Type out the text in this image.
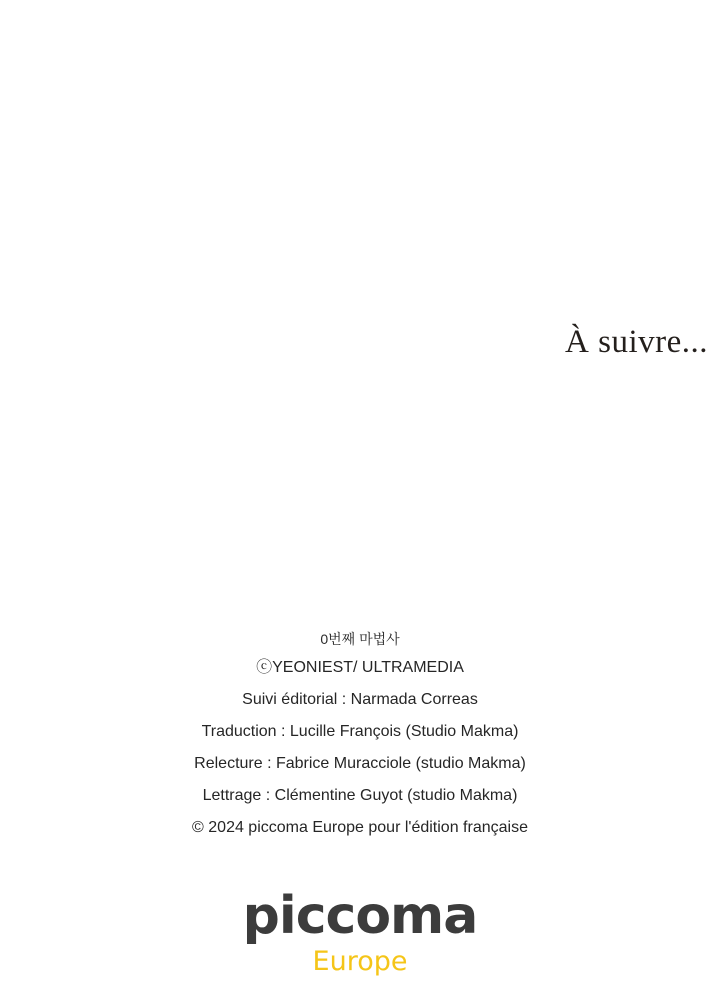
À suivre...
0번째 마법사
ⓒYEONIEST/ ULTRAMEDIA
Suivi éditorial : Narmada Correas
Traduction : Lucille François (Studio Makma)
Relecture : Fabrice Muracciole (studio Makma)
Lettrage : Clémentine Guyot (studio Makma)
© 2024 piccoma Europe pour l'édition française
piccoma
Europe
